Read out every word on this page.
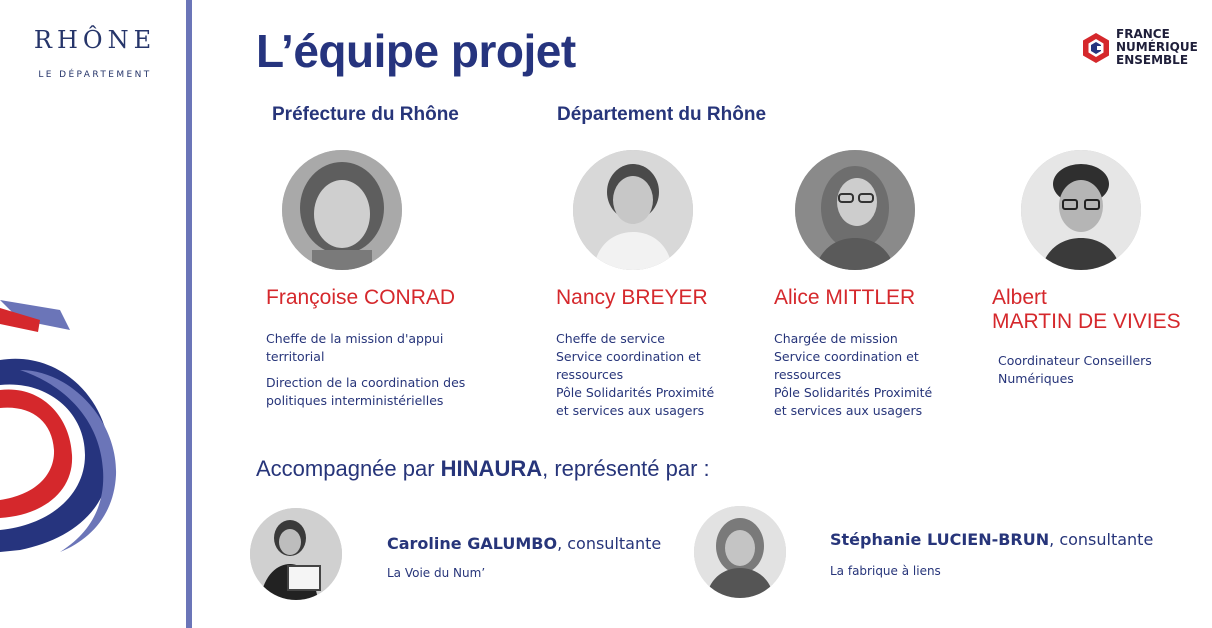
RHÔNE
LE DÉPARTEMENT L’équipe projet	FRANCE
NUMÉRIQUE
ENSEMBLE
Préfecture du Rhône	Département du Rhône
Françoise CONRAD	Nancy BREYER	Alice MITTLER	Albert
MARTIN DE VIVIES

Cheffe de la mission d'appui territorial

Direction de la coordination des politiques interministérielles

Cheffe de service

Service coordination et ressources

Pôle Solidarités Proximité et services aux usagers

Chargée de mission

Service coordination et ressources

Pôle Solidarités Proximité et services aux usagers

Coordinateur Conseillers Numériques

Accompagnée par HINAURA, représenté par :
Caroline GALUMBO, consultante
La Voie du Num’
Stéphanie LUCIEN-BRUN, consultante
La fabrique à liens
